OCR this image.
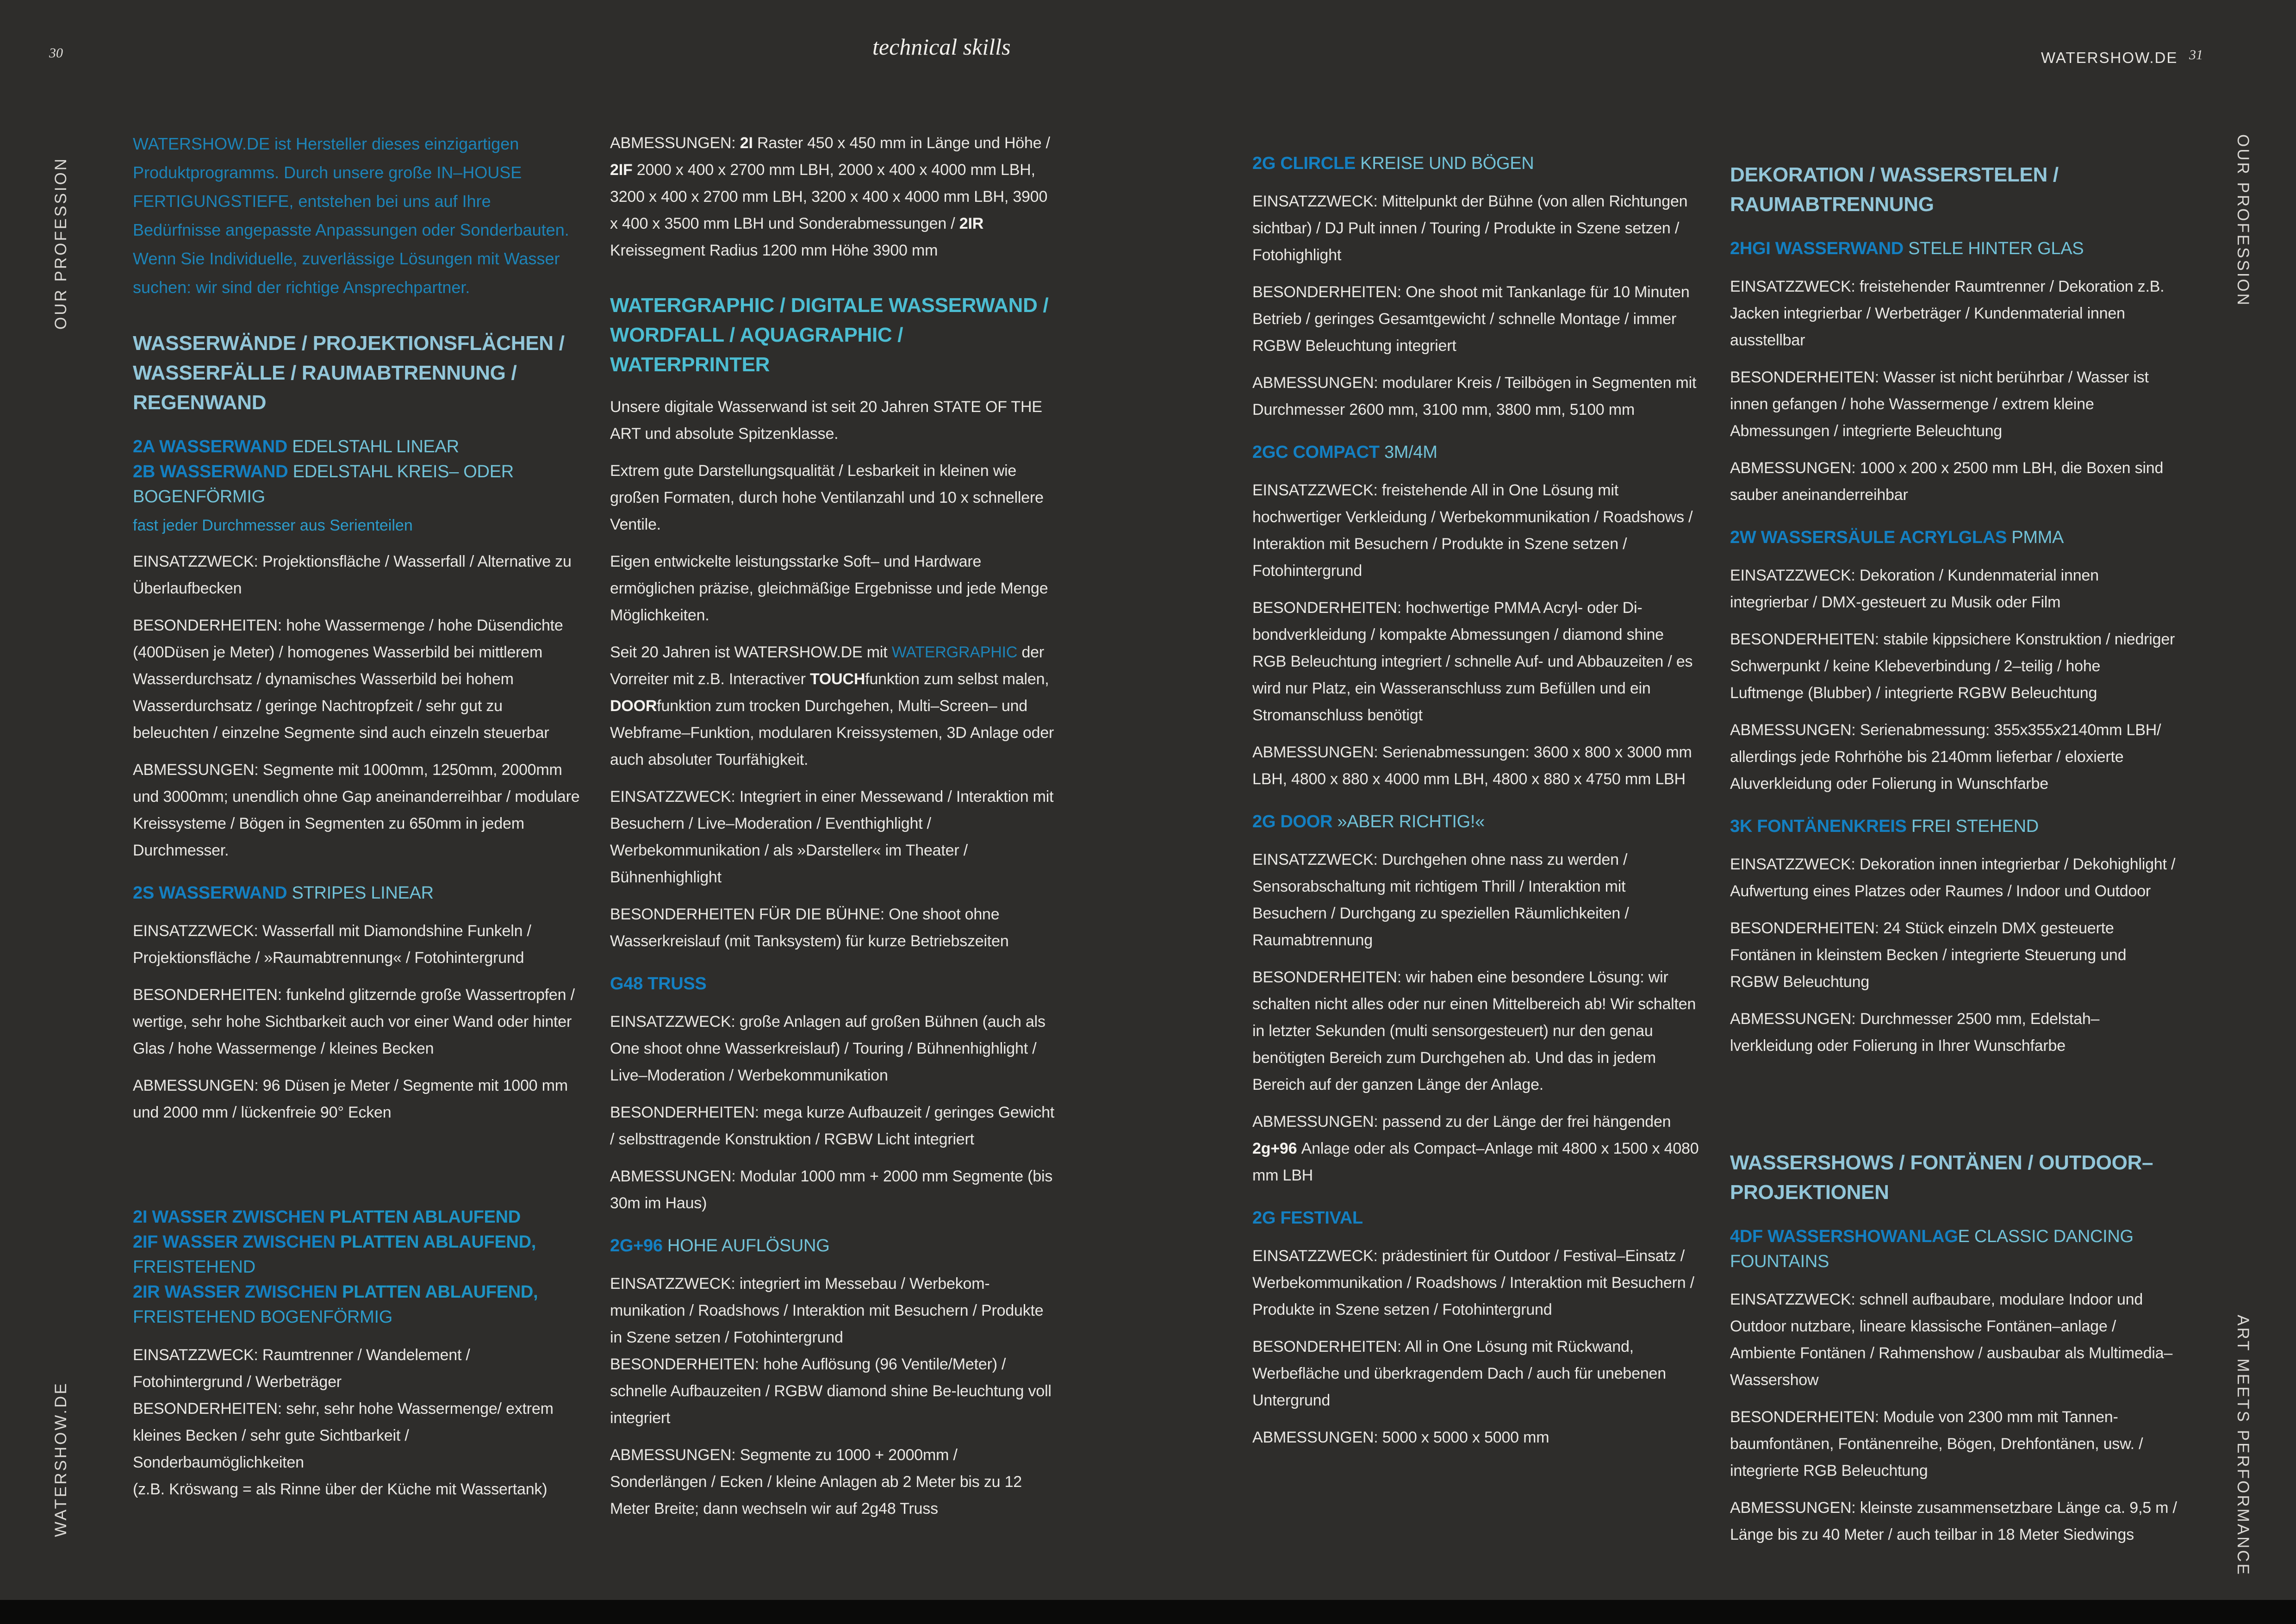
30	technical skills	WATERSHOW.DE 31
OUR PROFESSION
WATERSHOW.DE
OUR PROFESSION
ART MEETS PERFORMANCE

WATERSHOW.DE ist Hersteller dieses einzigartigen Produktprogramms. Durch unsere große IN–HOUSE FERTIGUNGSTIEFE, entstehen bei uns auf Ihre Bedürfnisse angepasste Anpassungen oder Sonderbauten. Wenn Sie Individuelle, zuverlässige Lösungen mit Wasser suchen: wir sind der richtige Ansprechpartner.

WASSERWÄNDE / PROJEKTIONSFLÄCHEN / WASSERFÄLLE / RAUMABTRENNUNG / REGENWAND
2A WASSERWAND EDELSTAHL LINEAR
2B WASSERWAND EDELSTAHL KREIS– ODER
BOGENFÖRMIG

fast jeder Durchmesser aus Serienteilen

EINSATZZWECK: Projektionsfläche / Wasserfall / Alternative zu Überlaufbecken

BESONDERHEITEN: hohe Wassermenge / hohe Düsendichte (400Düsen je Meter) / homogenes Wasserbild bei mittlerem Wasserdurchsatz / dynamisches Wasserbild bei hohem Wasserdurchsatz / geringe Nachtropfzeit / sehr gut zu beleuchten / einzelne Segmente sind auch einzeln steuerbar

ABMESSUNGEN: Segmente mit 1000mm, 1250mm, 2000mm und 3000mm; unendlich ohne Gap aneinanderreihbar / modulare Kreissysteme / Bögen in Segmenten zu 650mm in jedem Durchmesser.

2S WASSERWAND STRIPES LINEAR

EINSATZZWECK: Wasserfall mit Diamondshine Funkeln / Projektionsfläche / »Raumabtrennung« / Fotohintergrund

BESONDERHEITEN: funkelnd glitzernde große Wassertropfen / wertige, sehr hohe Sichtbarkeit auch vor einer Wand oder hinter Glas / hohe Wassermenge / kleines Becken

ABMESSUNGEN: 96 Düsen je Meter / Segmente mit 1000 mm und 2000 mm / lückenfreie 90° Ecken

2I WASSER ZWISCHEN PLATTEN ABLAUFEND
2IF WASSER ZWISCHEN PLATTEN ABLAUFEND,
FREISTEHEND
2IR WASSER ZWISCHEN PLATTEN ABLAUFEND,
FREISTEHEND BOGENFÖRMIG

EINSATZZWECK: Raumtrenner / Wandelement / Fotohintergrund / Werbeträger

BESONDERHEITEN: sehr, sehr hohe Wassermenge/ extrem kleines Becken / sehr gute Sichtbarkeit / Sonderbaumöglichkeiten

(z.B. Kröswang = als Rinne über der Küche mit Wassertank)

ABMESSUNGEN: 2I Raster 450 x 450 mm in Länge und Höhe / 2IF 2000 x 400 x 2700 mm LBH, 2000 x 400 x 4000 mm LBH, 3200 x 400 x 2700 mm LBH, 3200 x 400 x 4000 mm LBH, 3900 x 400 x 3500 mm LBH und Sonderabmessungen / 2IR Kreissegment Radius 1200 mm Höhe 3900 mm

WATERGRAPHIC / DIGITALE WASSERWAND / WORDFALL / AQUAGRAPHIC / WATERPRINTER

Unsere digitale Wasserwand ist seit 20 Jahren STATE OF THE ART und absolute Spitzenklasse.

Extrem gute Darstellungsqualität / Lesbarkeit in kleinen wie großen Formaten, durch hohe Ventilanzahl und 10 x schnellere Ventile.

Eigen entwickelte leistungsstarke Soft– und Hardware ermöglichen präzise, gleichmäßige Ergebnisse und jede Menge Möglichkeiten.

Seit 20 Jahren ist WATERSHOW.DE mit WATERGRAPHIC der Vorreiter mit z.B. Interactiver TOUCHfunktion zum selbst malen, DOORfunktion zum trocken Durchgehen, Multi–Screen– und Webframe–Funktion, modularen Kreissystemen, 3D Anlage oder auch absoluter Tourfähigkeit.

EINSATZZWECK: Integriert in einer Messewand / Interaktion mit Besuchern / Live–Moderation / Eventhighlight / Werbekommunikation / als »Darsteller« im Theater / Bühnenhighlight

BESONDERHEITEN FÜR DIE BÜHNE: One shoot ohne Wasserkreislauf (mit Tanksystem) für kurze Betriebszeiten

G48 TRUSS

EINSATZZWECK: große Anlagen auf großen Bühnen (auch als One shoot ohne Wasserkreislauf) / Touring / Bühnenhighlight / Live–Moderation / Werbekommunikation

BESONDERHEITEN: mega kurze Aufbauzeit / geringes Gewicht / selbsttragende Konstruktion / RGBW Licht integriert

ABMESSUNGEN: Modular 1000 mm + 2000 mm Segmente (bis 30m im Haus)

2G+96 HOHE AUFLÖSUNG

EINSATZZWECK: integriert im Messebau / Werbekom-munikation / Roadshows / Interaktion mit Besuchern / Produkte in Szene setzen / Fotohintergrund

BESONDERHEITEN: hohe Auflösung (96 Ventile/Meter) / schnelle Aufbauzeiten / RGBW diamond shine Be-leuchtung voll integriert

ABMESSUNGEN: Segmente zu 1000 + 2000mm / Sonderlängen / Ecken / kleine Anlagen ab 2 Meter bis zu 12 Meter Breite; dann wechseln wir auf 2g48 Truss

2G CLIRCLE KREISE UND BÖGEN

EINSATZZWECK: Mittelpunkt der Bühne (von allen Richtungen sichtbar) / DJ Pult innen / Touring / Produkte in Szene setzen / Fotohighlight

BESONDERHEITEN: One shoot mit Tankanlage für 10 Minuten Betrieb / geringes Gesamtgewicht / schnelle Montage / immer RGBW Beleuchtung integriert

ABMESSUNGEN: modularer Kreis / Teilbögen in Segmenten mit Durchmesser 2600 mm, 3100 mm, 3800 mm, 5100 mm

2GC COMPACT 3M/4M

EINSATZZWECK: freistehende All in One Lösung mit hochwertiger Verkleidung / Werbekommunikation / Roadshows / Interaktion mit Besuchern / Produkte in Szene setzen / Fotohintergrund

BESONDERHEITEN: hochwertige PMMA Acryl- oder Di-bondverkleidung / kompakte Abmessungen / diamond shine RGB Beleuchtung integriert / schnelle Auf- und Abbauzeiten / es wird nur Platz, ein Wasseranschluss zum Befüllen und ein Stromanschluss benötigt

ABMESSUNGEN: Serienabmessungen: 3600 x 800 x 3000 mm LBH, 4800 x 880 x 4000 mm LBH, 4800 x 880 x 4750 mm LBH

2G DOOR »ABER RICHTIG!«

EINSATZZWECK: Durchgehen ohne nass zu werden / Sensorabschaltung mit richtigem Thrill / Interaktion mit Besuchern / Durchgang zu speziellen Räumlichkeiten / Raumabtrennung

BESONDERHEITEN: wir haben eine besondere Lösung: wir schalten nicht alles oder nur einen Mittelbereich ab! Wir schalten in letzter Sekunden (multi sensorgesteuert) nur den genau benötigten Bereich zum Durchgehen ab. Und das in jedem Bereich auf der ganzen Länge der Anlage.

ABMESSUNGEN: passend zu der Länge der frei hängenden 2g+96 Anlage oder als Compact–Anlage mit 4800 x 1500 x 4080 mm LBH

2G FESTIVAL

EINSATZZWECK: prädestiniert für Outdoor / Festival–Einsatz / Werbekommunikation / Roadshows / Interaktion mit Besuchern / Produkte in Szene setzen / Fotohintergrund

BESONDERHEITEN: All in One Lösung mit Rückwand, Werbefläche und überkragendem Dach / auch für unebenen Untergrund

ABMESSUNGEN: 5000 x 5000 x 5000 mm

DEKORATION / WASSERSTELEN / RAUMABTRENNUNG
2HGI WASSERWAND STELE HINTER GLAS

EINSATZZWECK: freistehender Raumtrenner / Dekoration z.B. Jacken integrierbar / Werbeträger / Kundenmaterial innen ausstellbar

BESONDERHEITEN: Wasser ist nicht berührbar / Wasser ist innen gefangen / hohe Wassermenge / extrem kleine Abmessungen / integrierte Beleuchtung

ABMESSUNGEN: 1000 x 200 x 2500 mm LBH, die Boxen sind sauber aneinanderreihbar

2W WASSERSÄULE ACRYLGLAS PMMA

EINSATZZWECK: Dekoration / Kundenmaterial innen integrierbar / DMX-gesteuert zu Musik oder Film

BESONDERHEITEN: stabile kippsichere Konstruktion / niedriger Schwerpunkt / keine Klebeverbindung / 2–teilig / hohe Luftmenge (Blubber) / integrierte RGBW Beleuchtung

ABMESSUNGEN: Serienabmessung: 355x355x2140mm LBH/ allerdings jede Rohrhöhe bis 2140mm lieferbar / eloxierte Aluverkleidung oder Folierung in Wunschfarbe

3K FONTÄNENKREIS FREI STEHEND

EINSATZZWECK: Dekoration innen integrierbar / Dekohighlight / Aufwertung eines Platzes oder Raumes / Indoor und Outdoor

BESONDERHEITEN: 24 Stück einzeln DMX gesteuerte Fontänen in kleinstem Becken / integrierte Steuerung und RGBW Beleuchtung

ABMESSUNGEN: Durchmesser 2500 mm, Edelstah–lverkleidung oder Folierung in Ihrer Wunschfarbe

WASSERSHOWS / FONTÄNEN / OUTDOOR–PROJEKTIONEN
4DF WASSERSHOWANLAGE CLASSIC DANCING FOUNTAINS

EINSATZZWECK: schnell aufbaubare, modulare Indoor und Outdoor nutzbare, lineare klassische Fontänen–anlage / Ambiente Fontänen / Rahmenshow / ausbaubar als Multimedia–Wassershow

BESONDERHEITEN: Module von 2300 mm mit Tannen-baumfontänen, Fontänenreihe, Bögen, Drehfontänen, usw. / integrierte RGB Beleuchtung

ABMESSUNGEN: kleinste zusammensetzbare Länge ca. 9,5 m / Länge bis zu 40 Meter / auch teilbar in 18 Meter Siedwings
